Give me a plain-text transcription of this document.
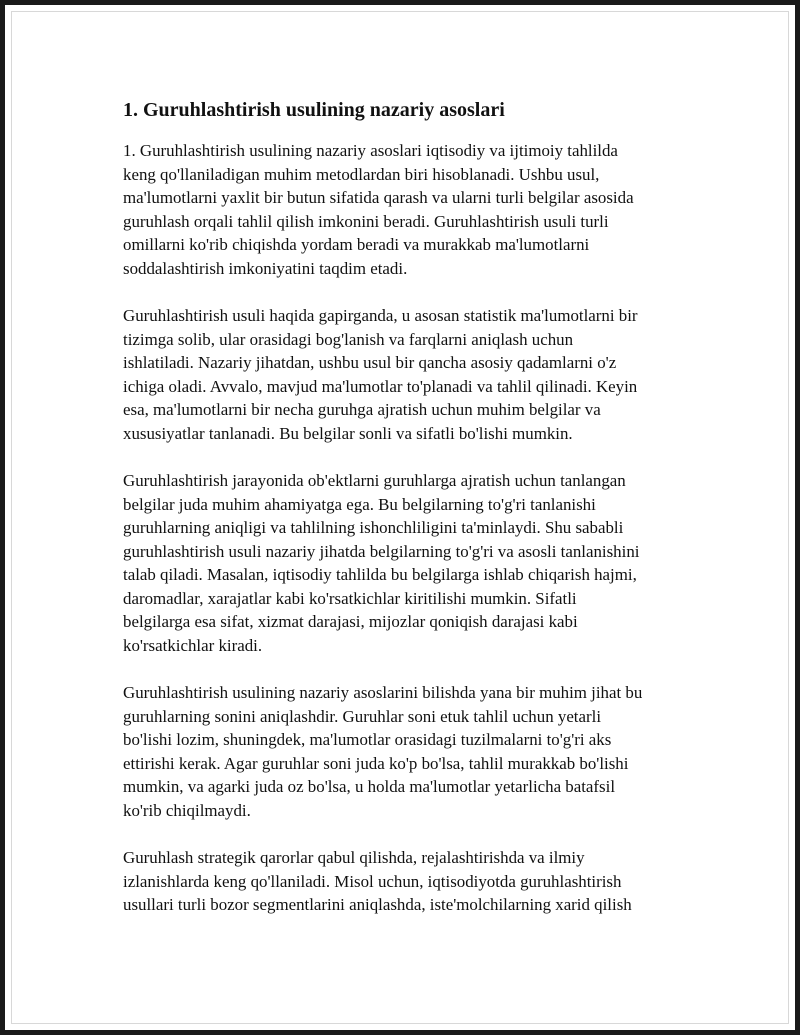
1. Guruhlashtirish usulining nazariy asoslari

1. Guruhlashtirish usulining nazariy asoslari iqtisodiy va ijtimoiy tahlilda
keng qo'llaniladigan muhim metodlardan biri hisoblanadi. Ushbu usul,
ma'lumotlarni yaxlit bir butun sifatida qarash va ularni turli belgilar asosida
guruhlash orqali tahlil qilish imkonini beradi. Guruhlashtirish usuli turli
omillarni ko'rib chiqishda yordam beradi va murakkab ma'lumotlarni
soddalashtirish imkoniyatini taqdim etadi.

Guruhlashtirish usuli haqida gapirganda, u asosan statistik ma'lumotlarni bir
tizimga solib, ular orasidagi bog'lanish va farqlarni aniqlash uchun
ishlatiladi. Nazariy jihatdan, ushbu usul bir qancha asosiy qadamlarni o'z
ichiga oladi. Avvalo, mavjud ma'lumotlar to'planadi va tahlil qilinadi. Keyin
esa, ma'lumotlarni bir necha guruhga ajratish uchun muhim belgilar va
xususiyatlar tanlanadi. Bu belgilar sonli va sifatli bo'lishi mumkin.

Guruhlashtirish jarayonida ob'ektlarni guruhlarga ajratish uchun tanlangan
belgilar juda muhim ahamiyatga ega. Bu belgilarning to'g'ri tanlanishi
guruhlarning aniqligi va tahlilning ishonchliligini ta'minlaydi. Shu sababli
guruhlashtirish usuli nazariy jihatda belgilarning to'g'ri va asosli tanlanishini
talab qiladi. Masalan, iqtisodiy tahlilda bu belgilarga ishlab chiqarish hajmi,
daromadlar, xarajatlar kabi ko'rsatkichlar kiritilishi mumkin. Sifatli
belgilarga esa sifat, xizmat darajasi, mijozlar qoniqish darajasi kabi
ko'rsatkichlar kiradi.

Guruhlashtirish usulining nazariy asoslarini bilishda yana bir muhim jihat bu
guruhlarning sonini aniqlashdir. Guruhlar soni etuk tahlil uchun yetarli
bo'lishi lozim, shuningdek, ma'lumotlar orasidagi tuzilmalarni to'g'ri aks
ettirishi kerak. Agar guruhlar soni juda ko'p bo'lsa, tahlil murakkab bo'lishi
mumkin, va agarki juda oz bo'lsa, u holda ma'lumotlar yetarlicha batafsil
ko'rib chiqilmaydi.

Guruhlash strategik qarorlar qabul qilishda, rejalashtirishda va ilmiy
izlanishlarda keng qo'llaniladi. Misol uchun, iqtisodiyotda guruhlashtirish
usullari turli bozor segmentlarini aniqlashda, iste'molchilarning xarid qilish
